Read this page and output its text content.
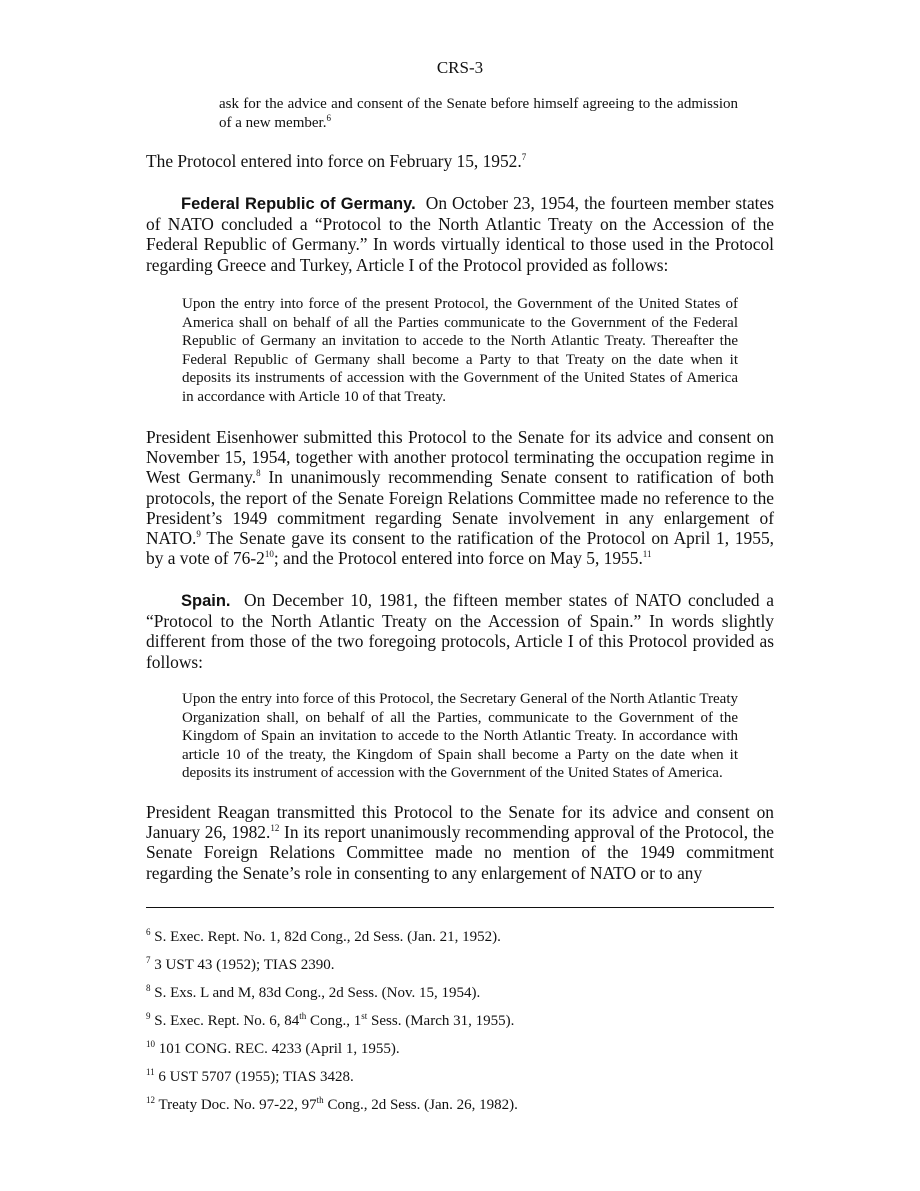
CRS-3
ask for the advice and consent of the Senate before himself agreeing to the admission of a new member.$^6$
The Protocol entered into force on February 15, 1952.$^7$
Federal Republic of Germany. On October 23, 1954, the fourteen member states of NATO concluded a “Protocol to the North Atlantic Treaty on the Accession of the Federal Republic of Germany.” In words virtually identical to those used in the Protocol regarding Greece and Turkey, Article I of the Protocol provided as follows:
Upon the entry into force of the present Protocol, the Government of the United States of America shall on behalf of all the Parties communicate to the Government of the Federal Republic of Germany an invitation to accede to the North Atlantic Treaty. Thereafter the Federal Republic of Germany shall become a Party to that Treaty on the date when it deposits its instruments of accession with the Government of the United States of America in accordance with Article 10 of that Treaty.
President Eisenhower submitted this Protocol to the Senate for its advice and consent on November 15, 1954, together with another protocol terminating the occupation regime in West Germany.$^8$ In unanimously recommending Senate consent to ratification of both protocols, the report of the Senate Foreign Relations Committee made no reference to the President’s 1949 commitment regarding Senate involvement in any enlargement of NATO.$^9$ The Senate gave its consent to the ratification of the Protocol on April 1, 1955, by a vote of $76-2^{10}$; and the Protocol entered into force on May 5, 1955.11
Spain. On December 10, 1981, the fifteen member states of NATO concluded a “Protocol to the North Atlantic Treaty on the Accession of Spain.” In words slightly different from those of the two foregoing protocols, Article I of this Protocol provided as follows:
Upon the entry into force of this Protocol, the Secretary General of the North Atlantic Treaty Organization shall, on behalf of all the Parties, communicate to the Government of the Kingdom of Spain an invitation to accede to the North Atlantic Treaty. In accordance with article 10 of the treaty, the Kingdom of Spain shall become a Party on the date when it deposits its instrument of accession with the Government of the United States of America.
President Reagan transmitted this Protocol to the Senate for its advice and consent on January 26, 1982.12 In its report unanimously recommending approval of the Protocol, the Senate Foreign Relations Committee made no mention of the 1949 commitment regarding the Senate’s role in consenting to any enlargement of NATO or to any
$^6$ S. Exec. Rept. No. 1, 82d Cong., 2d Sess. (Jan. 21, 1952).
$^7$ 3 UST 43 (1952); TIAS 2390.
$^8$ S. Exs. L and M, 83d Cong., 2d Sess. (Nov. 15, 1954).
$^9$ S. Exec. Rept. No. 6, 84th Cong., 1st Sess. (March 31, 1955).
$^{10}$ 101 CONG. REC. 4233 (April 1, 1955).
$^{11}$ 6 UST 5707 (1955); TIAS 3428.
$^{12}$ Treaty Doc. No. 97-22, 97th Cong., 2d Sess. (Jan. 26, 1982).
